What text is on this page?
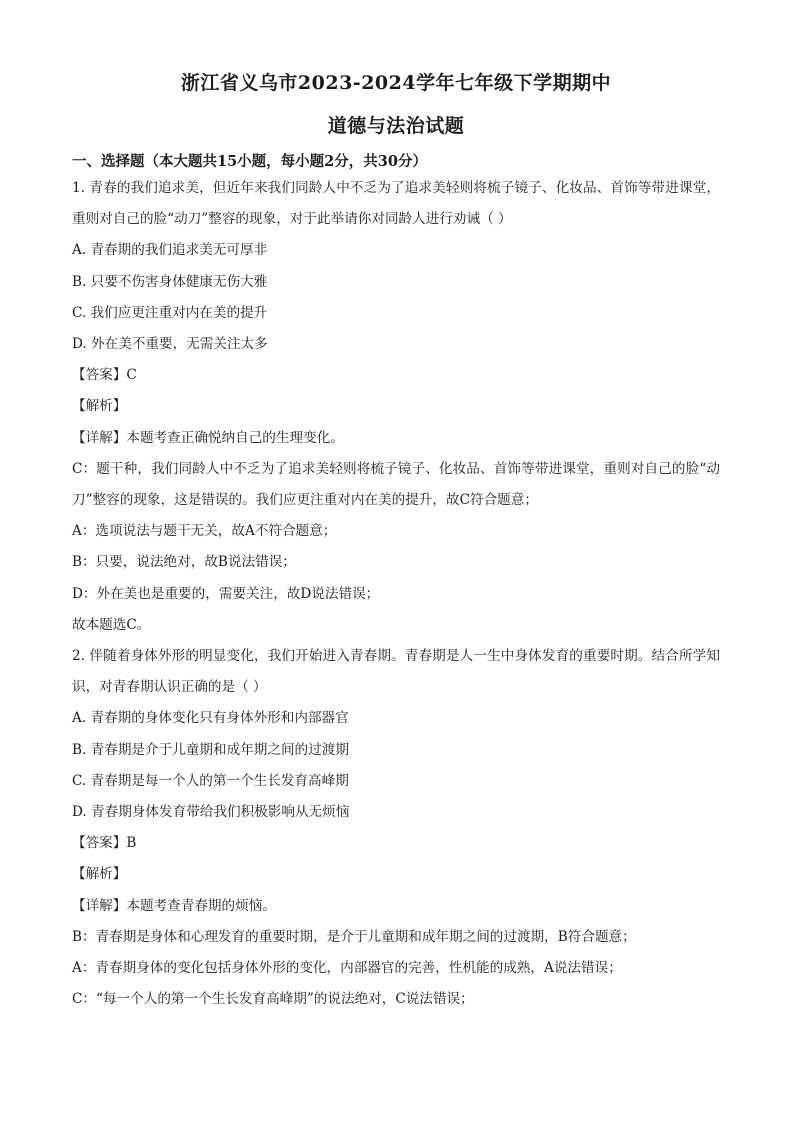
浙江省义乌市2023-2024学年七年级下学期期中
道德与法治试题
一、选择题（本大题共15小题，每小题2分，共30分）
1. 青春的我们追求美，但近年来我们同龄人中不乏为了追求美轻则将梳子镜子、化妆品、首饰等带进课堂，重则对自己的脸“动刀”整容的现象，对于此举请你对同龄人进行劝诫（ ）
A. 青春期的我们追求美无可厚非
B. 只要不伤害身体健康无伤大雅
C. 我们应更注重对内在美的提升
D. 外在美不重要，无需关注太多
【答案】C
【解析】
【详解】本题考查正确悦纳自己的生理变化。
C：题干种，我们同龄人中不乏为了追求美轻则将梳子镜子、化妆品、首饰等带进课堂，重则对自己的脸“动刀”整容的现象，这是错误的。我们应更注重对内在美的提升，故C符合题意；
A：选项说法与题干无关，故A不符合题意；
B：只要，说法绝对，故B说法错误；
D：外在美也是重要的，需要关注，故D说法错误；
故本题选C。
2. 伴随着身体外形的明显变化，我们开始进入青春期。青春期是人一生中身体发育的重要时期。结合所学知识，对青春期认识正确的是（ ）
A. 青春期的身体变化只有身体外形和内部器官
B. 青春期是介于儿童期和成年期之间的过渡期
C. 青春期是每一个人的第一个生长发育高峰期
D. 青春期身体发育带给我们积极影响从无烦恼
【答案】B
【解析】
【详解】本题考查青春期的烦恼。
B：青春期是身体和心理发育的重要时期，是介于儿童期和成年期之间的过渡期，B符合题意；
A：青春期身体的变化包括身体外形的变化，内部器官的完善，性机能的成熟，A说法错误；
C：“每一个人的第一个生长发育高峰期”的说法绝对，C说法错误；
